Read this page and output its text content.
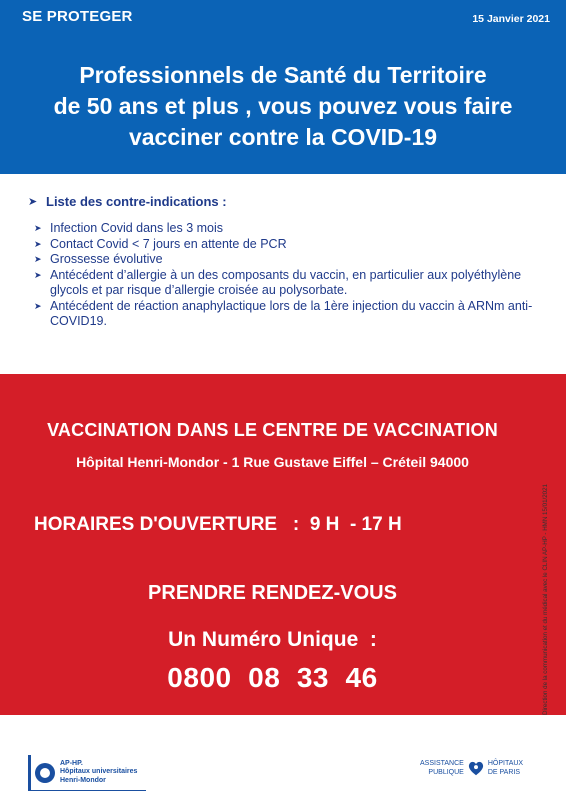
SE PROTEGER	15 Janvier 2021
Professionnels de Santé du Territoire
de 50 ans et plus , vous pouvez vous faire
vacciner contre la COVID-19
➤ Liste des contre-indications :
➤ Infection Covid dans les 3 mois
➤ Contact Covid < 7 jours en attente de PCR
➤ Grossesse évolutive
➤ Antécédent d’allergie à un des composants du vaccin, en particulier aux polyéthylène glycols et par risque d’allergie croisée au polysorbate.
➤ Antécédent de réaction anaphylactique lors de la 1ère injection du vaccin à ARNm anti-COVID19.
VACCINATION DANS LE CENTRE DE VACCINATION
Hôpital Henri-Mondor - 1 Rue Gustave Eiffel – Créteil 94000
HORAIRES D'OUVERTURE   :  9 H  - 17 H
PRENDRE RENDEZ-VOUS
Un Numéro Unique  :
0800  08  33  46	Direction de la communication et du médical avec le CLIN AP-HP - HMN 15/01/2021
AP-HP.
Hôpitaux universitaires
Henri-Mondor
ASSISTANCE
PUBLIQUE
HÔPITAUX
DE PARIS
